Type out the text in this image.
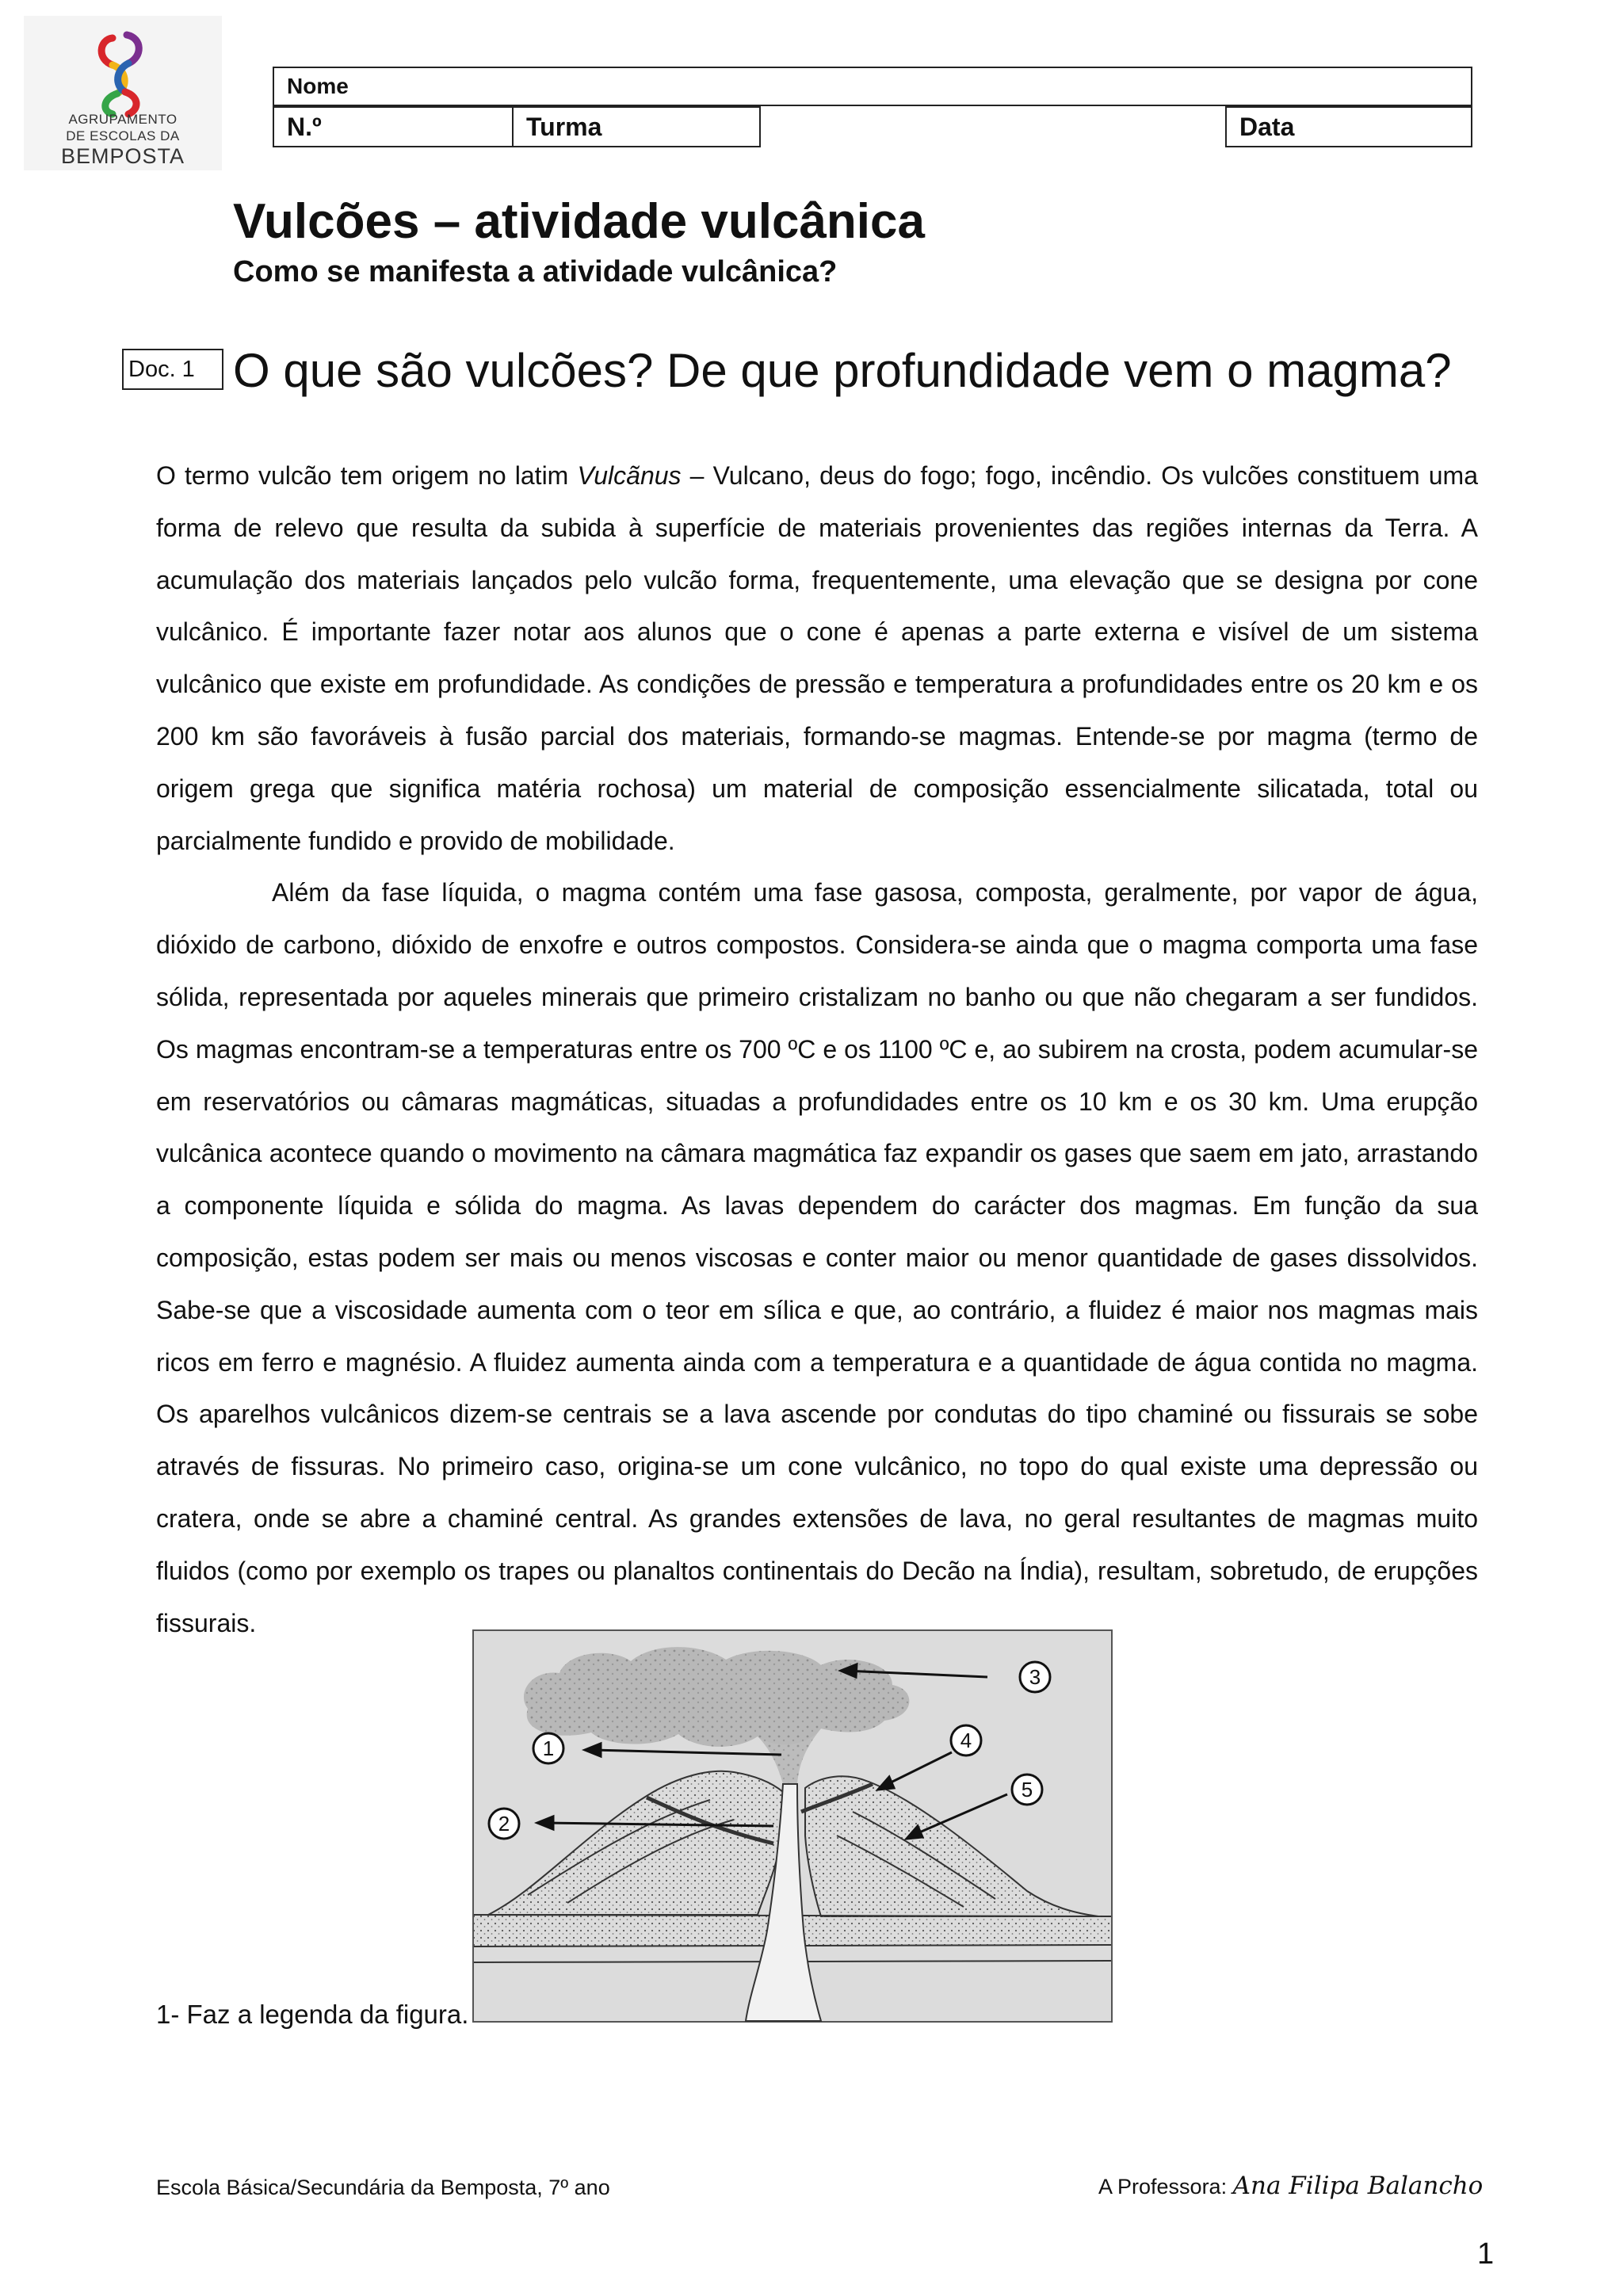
AGRUPAMENTO
DE ESCOLAS DA
BEMPOSTA
Nome
N.º	Turma	Data
Vulcões – atividade vulcânica
Como se manifesta a atividade vulcânica?
Doc. 1 O que são vulcões? De que profundidade vem o magma?

O termo vulcão tem origem no latim Vulcãnus – Vulcano, deus do fogo; fogo, incêndio. Os vulcões constituem uma forma de relevo que resulta da subida à superfície de materiais provenientes das regiões internas da Terra. A acumulação dos materiais lançados pelo vulcão forma, frequentemente, uma elevação que se designa por cone vulcânico. É importante fazer notar aos alunos que o cone é apenas a parte externa e visível de um sistema vulcânico que existe em profundidade. As condições de pressão e temperatura a profundidades entre os 20 km e os 200 km são favoráveis à fusão parcial dos materiais, formando-se magmas. Entende-se por magma (termo de origem grega que significa matéria rochosa) um material de composição essencialmente silicatada, total ou parcialmente fundido e provido de mobilidade.

Além da fase líquida, o magma contém uma fase gasosa, composta, geralmente, por vapor de água, dióxido de carbono, dióxido de enxofre e outros compostos. Considera-se ainda que o magma comporta uma fase sólida, representada por aqueles minerais que primeiro cristalizam no banho ou que não chegaram a ser fundidos. Os magmas encontram-se a temperaturas entre os 700 ºC e os 1100 ºC e, ao subirem na crosta, podem acumular-se em reservatórios ou câmaras magmáticas, situadas a profundidades entre os 10 km e os 30 km. Uma erupção vulcânica acontece quando o movimento na câmara magmática faz expandir os gases que saem em jato, arrastando a componente líquida e sólida do magma. As lavas dependem do carácter dos magmas. Em função da sua composição, estas podem ser mais ou menos viscosas e conter maior ou menor quantidade de gases dissolvidos. Sabe-se que a viscosidade aumenta com o teor em sílica e que, ao contrário, a fluidez é maior nos magmas mais ricos em ferro e magnésio. A fluidez aumenta ainda com a temperatura e a quantidade de água contida no magma. Os aparelhos vulcânicos dizem-se centrais se a lava ascende por condutas do tipo chaminé ou fissurais se sobe através de fissuras. No primeiro caso, origina-se um cone vulcânico, no topo do qual existe uma depressão ou cratera, onde se abre a chaminé central. As grandes extensões de lava, no geral resultantes de magmas muito fluidos (como por exemplo os trapes ou planaltos continentais do Decão na Índia), resultam, sobretudo, de erupções fissurais.

1
2
3
4
5
1- Faz a legenda da figura.
Escola Básica/Secundária da Bemposta, 7º ano	A Professora: Ana Filipa Balancho
1
